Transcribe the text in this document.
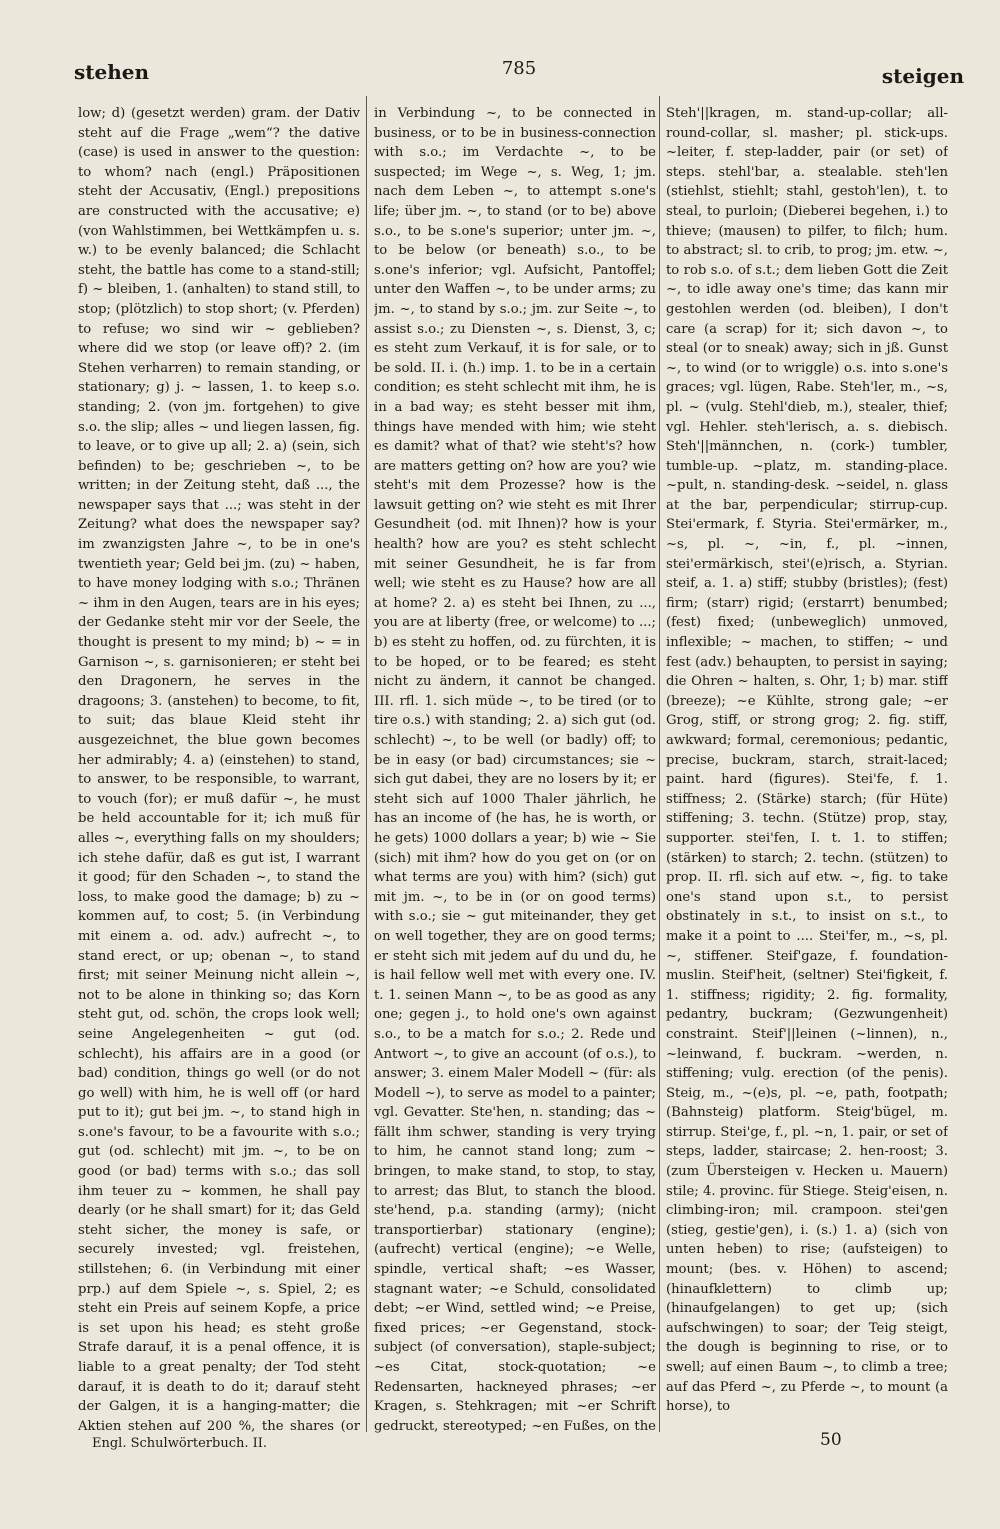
stehen	785	steigen

low; d) (gesetzt werden) gram. der Dativ steht auf die Frage „wem“? the dative (case) is used in answer to the question: to whom? nach (engl.) Präpositionen steht der Accusativ, (Engl.) prepositions are constructed with the accusative; e) (von Wahlstimmen, bei Wettkämpfen u. s. w.) to be evenly balanced; die Schlacht steht, the battle has come to a stand-still; f) ~ bleiben, 1. (anhalten) to stand still, to stop; (plötzlich) to stop short; (v. Pferden) to refuse; wo sind wir ~ geblieben? where did we stop (or leave off)? 2. (im Stehen verharren) to remain standing, or stationary; g) j. ~ lassen, 1. to keep s.o. standing; 2. (von jm. fortgehen) to give s.o. the slip; alles ~ und liegen lassen, fig. to leave, or to give up all; 2. a) (sein, sich befinden) to be; geschrieben ~, to be written; in der Zeitung steht, daß ..., the newspaper says that ...; was steht in der Zeitung? what does the newspaper say? im zwanzigsten Jahre ~, to be in one's twentieth year; Geld bei jm. (zu) ~ haben, to have money lodging with s.o.; Thränen ~ ihm in den Augen, tears are in his eyes; der Gedanke steht mir vor der Seele, the thought is present to my mind; b) ~ = in Garnison ~, s. garnisonieren; er steht bei den Dragonern, he serves in the dragoons; 3. (anstehen) to become, to fit, to suit; das blaue Kleid steht ihr ausgezeichnet, the blue gown becomes her admirably; 4. a) (einstehen) to stand, to answer, to be responsible, to warrant, to vouch (for); er muß dafür ~, he must be held accountable for it; ich muß für alles ~, everything falls on my shoulders; ich stehe dafür, daß es gut ist, I warrant it good; für den Schaden ~, to stand the loss, to make good the damage; b) zu ~ kommen auf, to cost; 5. (in Verbindung mit einem a. od. adv.) aufrecht ~, to stand erect, or up; obenan ~, to stand first; mit seiner Meinung nicht allein ~, not to be alone in thinking so; das Korn steht gut, od. schön, the crops look well; seine Angelegenheiten ~ gut (od. schlecht), his affairs are in a good (or bad) condition, things go well (or do not go well) with him, he is well off (or hard put to it); gut bei jm. ~, to stand high in s.one's favour, to be a favourite with s.o.; gut (od. schlecht) mit jm. ~, to be on good (or bad) terms with s.o.; das soll ihm teuer zu ~ kommen, he shall pay dearly (or he shall smart) for it; das Geld steht sicher, the money is safe, or securely invested; vgl. freistehen, stillstehen; 6. (in Verbindung mit einer prp.) auf dem Spiele ~, s. Spiel, 2; es steht ein Preis auf seinem Kopfe, a price is set upon his head; es steht große Strafe darauf, it is a penal offence, it is liable to a great penalty; der Tod steht darauf, it is death to do it; darauf steht der Galgen, it is a hanging-matter; die Aktien stehen auf 200 %, the shares (or

in Verbindung ~, to be connected in business, or to be in business-connection with s.o.; im Verdachte ~, to be suspected; im Wege ~, s. Weg, 1; jm. nach dem Leben ~, to attempt s.one's life; über jm. ~, to stand (or to be) above s.o., to be s.one's superior; unter jm. ~, to be below (or beneath) s.o., to be s.one's inferior; vgl. Aufsicht, Pantoffel; unter den Waffen ~, to be under arms; zu jm. ~, to stand by s.o.; jm. zur Seite ~, to assist s.o.; zu Diensten ~, s. Dienst, 3, c; es steht zum Verkauf, it is for sale, or to be sold. II. i. (h.) imp. 1. to be in a certain condition; es steht schlecht mit ihm, he is in a bad way; es steht besser mit ihm, things have mended with him; wie steht es damit? what of that? wie steht's? how are matters getting on? how are you? wie steht's mit dem Prozesse? how is the lawsuit getting on? wie steht es mit Ihrer Gesundheit (od. mit Ihnen)? how is your health? how are you? es steht schlecht mit seiner Gesundheit, he is far from well; wie steht es zu Hause? how are all at home? 2. a) es steht bei Ihnen, zu ..., you are at liberty (free, or welcome) to ...; b) es steht zu hoffen, od. zu fürchten, it is to be hoped, or to be feared; es steht nicht zu ändern, it cannot be changed. III. rfl. 1. sich müde ~, to be tired (or to tire o.s.) with standing; 2. a) sich gut (od. schlecht) ~, to be well (or badly) off; to be in easy (or bad) circumstances; sie ~ sich gut dabei, they are no losers by it; er steht sich auf 1000 Thaler jährlich, he has an income of (he has, he is worth, or he gets) 1000 dollars a year; b) wie ~ Sie (sich) mit ihm? how do you get on (or on what terms are you) with him? (sich) gut mit jm. ~, to be in (or on good terms) with s.o.; sie ~ gut miteinander, they get on well together, they are on good terms; er steht sich mit jedem auf du und du, he is hail fellow well met with every one. IV. t. 1. seinen Mann ~, to be as good as any one; gegen j., to hold one's own against s.o., to be a match for s.o.; 2. Rede und Antwort ~, to give an account (of o.s.), to answer; 3. einem Maler Modell ~ (für: als Modell ~), to serve as model to a painter; vgl. Gevatter. Ste'hen, n. standing; das ~ fällt ihm schwer, standing is very trying to him, he cannot stand long; zum ~ bringen, to make stand, to stop, to stay, to arrest; das Blut, to stanch the blood. ste'hend, p.a. standing (army); (nicht transportierbar) stationary (engine); (aufrecht) vertical (engine); ~e Welle, spindle, vertical shaft; ~es Wasser, stagnant water; ~e Schuld, consolidated debt; ~er Wind, settled wind; ~e Preise, fixed prices; ~er Gegenstand, stock-subject (of conversation), staple-subject; ~es Citat, stock-quotation; ~e Redensarten, hackneyed phrases; ~er Kragen, s. Stehkragen; mit ~er Schrift gedruckt, stereotyped; ~en Fußes, on the

Steh'||kragen, m. stand-up-collar; all-round-collar, sl. masher; pl. stick-ups. ~leiter, f. step-ladder, pair (or set) of steps. stehl'bar, a. stealable. steh'len (stiehlst, stiehlt; stahl, gestoh'len), t. to steal, to purloin; (Dieberei begehen, i.) to thieve; (mausen) to pilfer, to filch; hum. to abstract; sl. to crib, to prog; jm. etw. ~, to rob s.o. of s.t.; dem lieben Gott die Zeit ~, to idle away one's time; das kann mir gestohlen werden (od. bleiben), I don't care (a scrap) for it; sich davon ~, to steal (or to sneak) away; sich in jß. Gunst ~, to wind (or to wriggle) o.s. into s.one's graces; vgl. lügen, Rabe. Steh'ler, m., ~s, pl. ~ (vulg. Stehl'dieb, m.), stealer, thief; vgl. Hehler. steh'lerisch, a. s. diebisch. Steh'||männchen, n. (cork-) tumbler, tumble-up. ~platz, m. standing-place. ~pult, n. standing-desk. ~seidel, n. glass at the bar, perpendicular; stirrup-cup. Stei'ermark, f. Styria. Stei'ermärker, m., ~s, pl. ~, ~in, f., pl. ~innen, stei'ermärkisch, stei'(e)risch, a. Styrian. steif, a. 1. a) stiff; stubby (bristles); (fest) firm; (starr) rigid; (erstarrt) benumbed; (fest) fixed; (unbeweglich) unmoved, inflexible; ~ machen, to stiffen; ~ und fest (adv.) behaupten, to persist in saying; die Ohren ~ halten, s. Ohr, 1; b) mar. stiff (breeze); ~e Kühlte, strong gale; ~er Grog, stiff, or strong grog; 2. fig. stiff, awkward; formal, ceremonious; pedantic, precise, buckram, starch, strait-laced; paint. hard (figures). Stei'fe, f. 1. stiffness; 2. (Stärke) starch; (für Hüte) stiffening; 3. techn. (Stütze) prop, stay, supporter. stei'fen, I. t. 1. to stiffen; (stärken) to starch; 2. techn. (stützen) to prop. II. rfl. sich auf etw. ~, fig. to take one's stand upon s.t., to persist obstinately in s.t., to insist on s.t., to make it a point to .... Stei'fer, m., ~s, pl. ~, stiffener. Steif'gaze, f. foundation-muslin. Steif'heit, (seltner) Stei'figkeit, f. 1. stiffness; rigidity; 2. fig. formality, pedantry, buckram; (Gezwungenheit) constraint. Steif'||leinen (~linnen), n., ~leinwand, f. buckram. ~werden, n. stiffening; vulg. erection (of the penis). Steig, m., ~(e)s, pl. ~e, path, footpath; (Bahnsteig) platform. Steig'bügel, m. stirrup. Stei'ge, f., pl. ~n, 1. pair, or set of steps, ladder, staircase; 2. hen-roost; 3. (zum Übersteigen v. Hecken u. Mauern) stile; 4. provinc. für Stiege. Steig'eisen, n. climbing-iron; mil. crampoon. stei'gen (stieg, gestie'gen), i. (s.) 1. a) (sich von unten heben) to rise; (aufsteigen) to mount; (bes. v. Höhen) to ascend; (hinaufklettern) to climb up; (hinaufgelangen) to get up; (sich aufschwingen) to soar; der Teig steigt, the dough is beginning to rise, or to swell; auf einen Baum ~, to climb a tree; auf das Pferd ~, zu Pferde ~, to mount (a horse), to

Engl. Schulwörterbuch. II.	50
